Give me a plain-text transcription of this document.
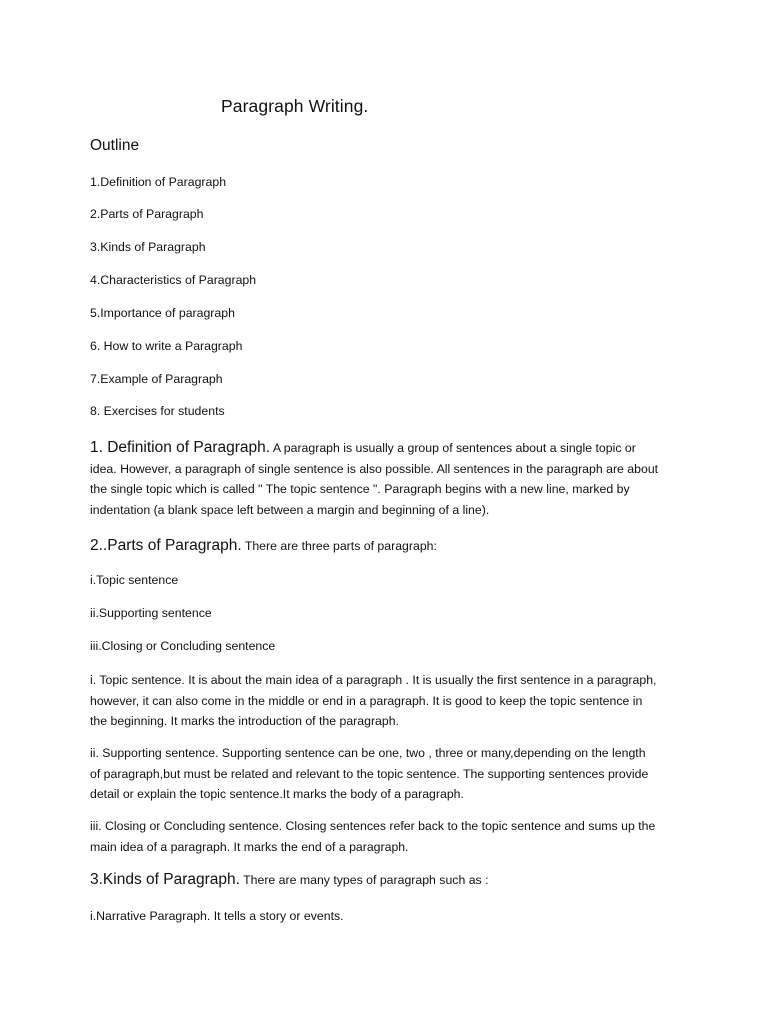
Paragraph Writing.
Outline
1.Definition of Paragraph
2.Parts of Paragraph
3.Kinds of Paragraph
4.Characteristics of Paragraph
5.Importance of paragraph
6. How to write a Paragraph
7.Example of Paragraph
8. Exercises for students
1. Definition of Paragraph. A paragraph is usually a group of sentences about a single topic or
idea. However, a paragraph of single sentence is also possible. All sentences in the paragraph are about
the single topic which is called " The topic sentence ". Paragraph begins with a new line, marked by
indentation (a blank space left between a margin and beginning of a line).
2..Parts of Paragraph. There are three parts of paragraph:
i.Topic sentence
ii.Supporting sentence
iii.Closing or Concluding sentence
i. Topic sentence. It is about the main idea of a paragraph . It is usually the first sentence in a paragraph,
however, it can also come in the middle or end in a paragraph. It is good to keep the topic sentence in
the beginning. It marks the introduction of the paragraph.
ii. Supporting sentence. Supporting sentence can be one, two , three or many,depending on the length
of paragraph,but must be related and relevant to the topic sentence. The supporting sentences provide
detail or explain the topic sentence.It marks the body of a paragraph.
iii. Closing or Concluding sentence. Closing sentences refer back to the topic sentence and sums up the
main idea of a paragraph. It marks the end of a paragraph.
3.Kinds of Paragraph. There are many types of paragraph such as :
i.Narrative Paragraph. It tells a story or events.
